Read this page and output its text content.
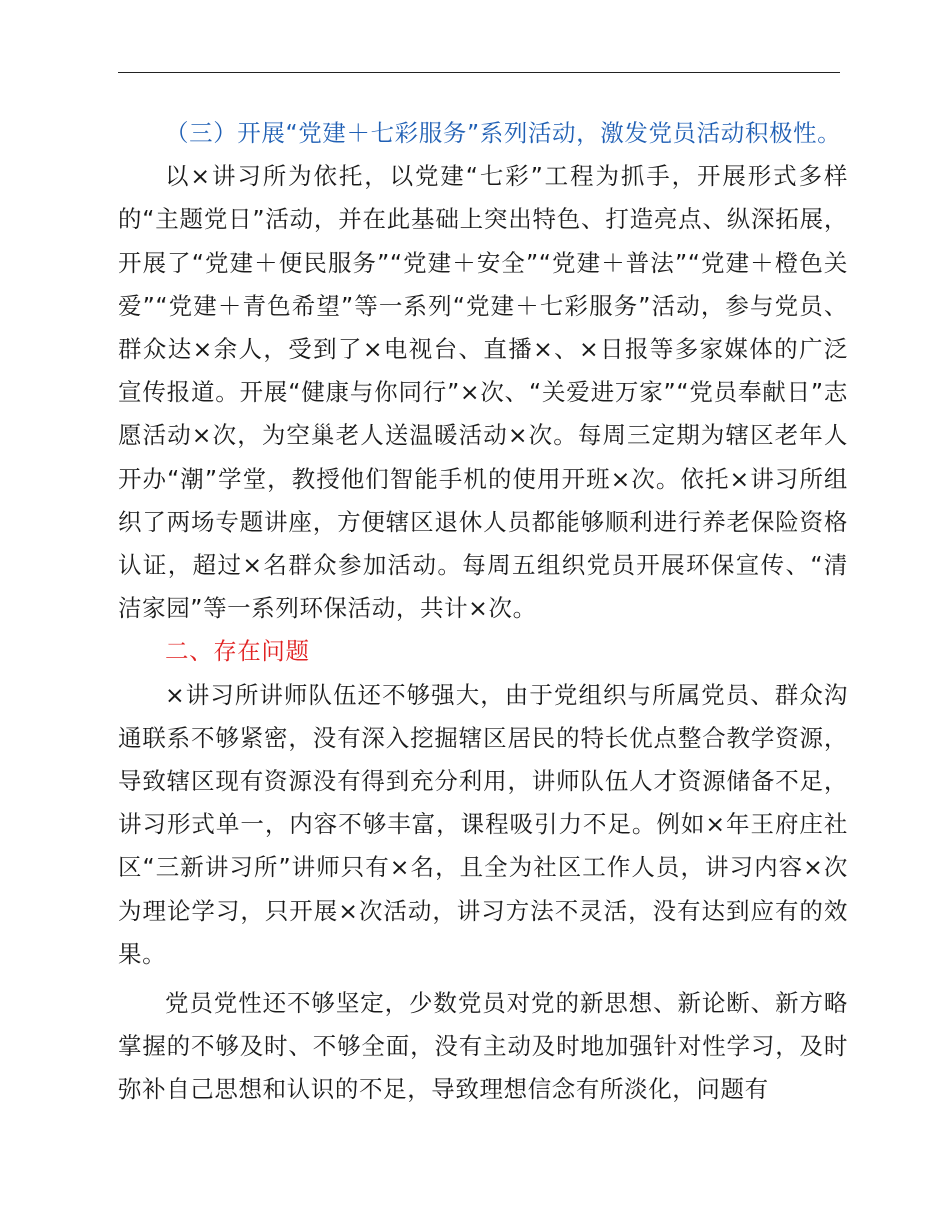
（三）开展“党建＋七彩服务”系列活动，激发党员活动积极性。

以×讲习所为依托，以党建“七彩”工程为抓手，开展形式多样的“主题党日”活动，并在此基础上突出特色、打造亮点、纵深拓展，开展了“党建＋便民服务”“党建＋安全”“党建＋普法”“党建＋橙色关爱”“党建＋青色希望”等一系列“党建＋七彩服务”活动，参与党员、群众达×余人，受到了×电视台、直播×、×日报等多家媒体的广泛宣传报道。开展“健康与你同行”×次、“关爱进万家”“党员奉献日”志愿活动×次，为空巢老人送温暖活动×次。每周三定期为辖区老年人开办“潮”学堂，教授他们智能手机的使用开班×次。依托×讲习所组织了两场专题讲座，方便辖区退休人员都能够顺利进行养老保险资格认证，超过×名群众参加活动。每周五组织党员开展环保宣传、“清洁家园”等一系列环保活动，共计×次。

二、存在问题

×讲习所讲师队伍还不够强大，由于党组织与所属党员、群众沟通联系不够紧密，没有深入挖掘辖区居民的特长优点整合教学资源，导致辖区现有资源没有得到充分利用，讲师队伍人才资源储备不足，讲习形式单一，内容不够丰富，课程吸引力不足。例如×年王府庄社区“三新讲习所”讲师只有×名，且全为社区工作人员，讲习内容×次为理论学习，只开展×次活动，讲习方法不灵活，没有达到应有的效果。

党员党性还不够坚定，少数党员对党的新思想、新论断、新方略掌握的不够及时、不够全面，没有主动及时地加强针对性学习，及时弥补自己思想和认识的不足，导致理想信念有所淡化，问题有
